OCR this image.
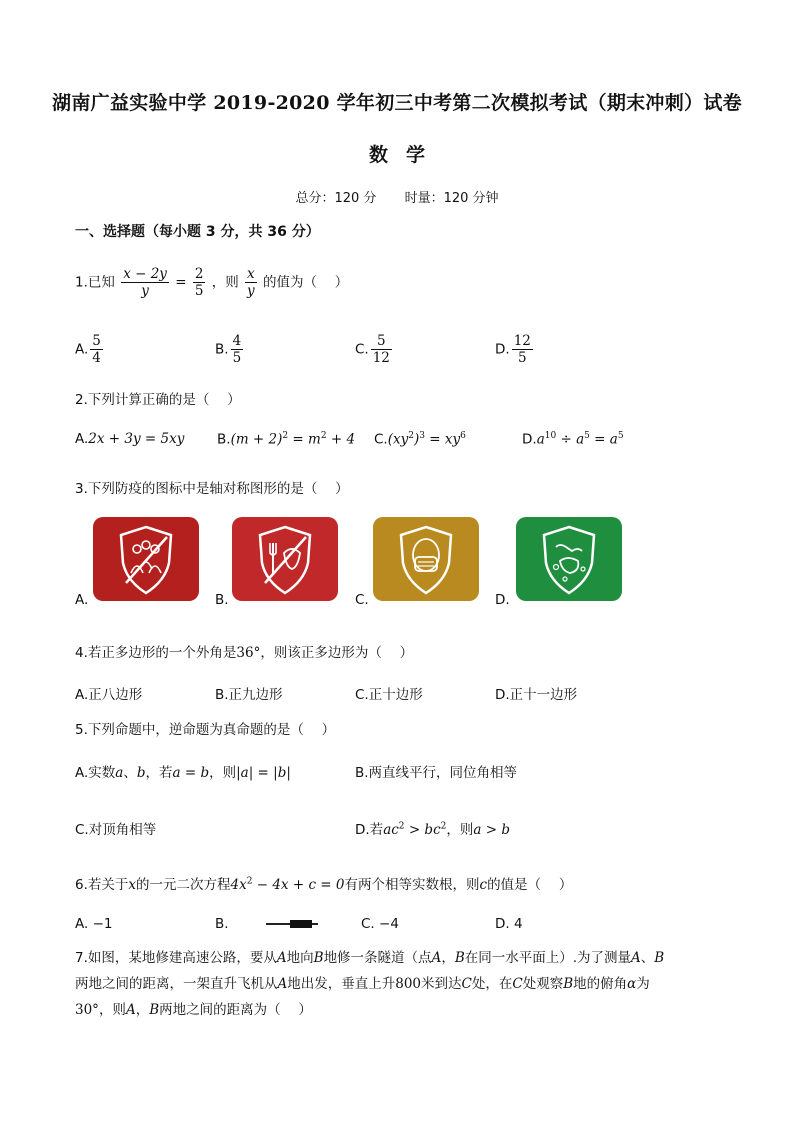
湖南广益实验中学 2019-2020 学年初三中考第二次模拟考试（期末冲刺）试卷
数学
总分：120 分 时量：120 分钟
一、选择题（每小题 3 分，共 36 分）
1.已知 $\frac{x - 2y}{y} = \frac{2}{5}$ ，则 $\frac{x}{y}$ 的值为（　 ）
A. $\frac{5}{4}$	B. $\frac{4}{5}$	C. $\frac{5}{12}$	D. $\frac{12}{5}$
2.下列计算正确的是（　 ）
A.2x + 3y = 5xy $B.(m + 2)^2 = m^2 + 4$ $C.(xy^2)^3 = xy^6$	$D.a^{10} \div a^5 = a^5$
3.下列防疫的图标中是轴对称图形的是（　 ）
A.	B.	C.	D.
4.若正多边形的一个外角是36°，则该正多边形为（　 ）
A.正八边形	B.正九边形	C.正十边形	D.正十一边形
5.下列命题中，逆命题为真命题的是（　 ）
A.实数a、b，若a = b，则|a| = |b|	B.两直线平行，同位角相等
C.对顶角相等	D.若$ac^2 > bc^2$，则a > b
6.若关于x的一元二次方程$4x^2 - 4x + c = 0$有两个相等实数根，则c的值是（　 ）
A. −1	B.	C. −4	D. 4
7.如图，某地修建高速公路，要从A地向B地修一条隧道（点A，B在同一水平面上）.为了测量A、B
两地之间的距离，一架直升飞机从A地出发，垂直上升800米到达C处，在C处观察B地的俯角α为
30°，则A，B两地之间的距离为（　 ）
